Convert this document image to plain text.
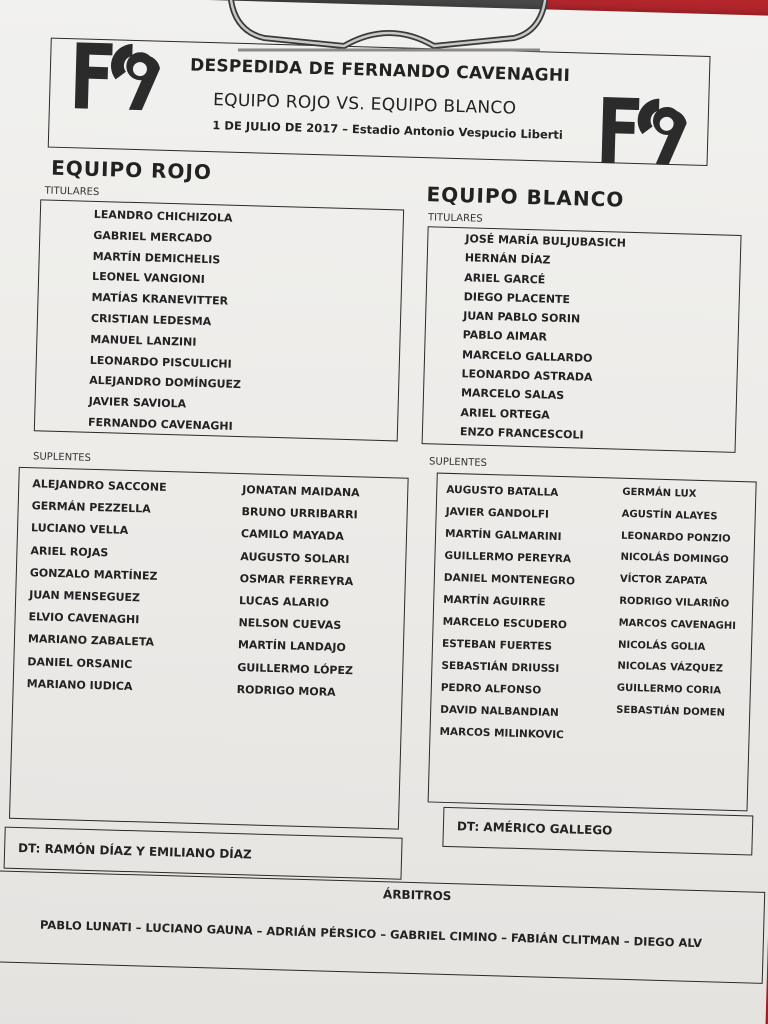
DESPEDIDA DE FERNANDO CAVENAGHI
EQUIPO ROJO VS. EQUIPO BLANCO
1 DE JULIO DE 2017 – Estadio Antonio Vespucio Liberti
EQUIPO ROJO
TITULARES
LEANDRO CHICHIZOLA
GABRIEL MERCADO
MARTÍN DEMICHELIS
LEONEL VANGIONI
MATÍAS KRANEVITTER
CRISTIAN LEDESMA
MANUEL LANZINI
LEONARDO PISCULICHI
ALEJANDRO DOMÍNGUEZ
JAVIER SAVIOLA
FERNANDO CAVENAGHI
SUPLENTES
ALEJANDRO SACCONE
GERMÁN PEZZELLA
LUCIANO VELLA
ARIEL ROJAS
GONZALO MARTÍNEZ
JUAN MENSEGUEZ
ELVIO CAVENAGHI
MARIANO ZABALETA
DANIEL ORSANIC
MARIANO IUDICA
JONATAN MAIDANA
BRUNO URRIBARRI
CAMILO MAYADA
AUGUSTO SOLARI
OSMAR FERREYRA
LUCAS ALARIO
NELSON CUEVAS
MARTÍN LANDAJO
GUILLERMO LÓPEZ
RODRIGO MORA
DT: RAMÓN DÍAZ Y EMILIANO DÍAZ
EQUIPO BLANCO
TITULARES
JOSÉ MARÍA BULJUBASICH
HERNÁN DÍAZ
ARIEL GARCÉ
DIEGO PLACENTE
JUAN PABLO SORIN
PABLO AIMAR
MARCELO GALLARDO
LEONARDO ASTRADA
MARCELO SALAS
ARIEL ORTEGA
ENZO FRANCESCOLI
SUPLENTES
AUGUSTO BATALLA
JAVIER GANDOLFI
MARTÍN GALMARINI
GUILLERMO PEREYRA
DANIEL MONTENEGRO
MARTÍN AGUIRRE
MARCELO ESCUDERO
ESTEBAN FUERTES
SEBASTIÁN DRIUSSI
PEDRO ALFONSO
DAVID NALBANDIAN
MARCOS MILINKOVIC
GERMÁN LUX
AGUSTÍN ALAYES
LEONARDO PONZIO
NICOLÁS DOMINGO
VÍCTOR ZAPATA
RODRIGO VILARIÑO
MARCOS CAVENAGHI
NICOLÁS GOLIA
NICOLAS VÁZQUEZ
GUILLERMO CORIA
SEBASTIÁN DOMEN
DT: AMÉRICO GALLEGO
ÁRBITROS
PABLO LUNATI – LUCIANO GAUNA – ADRIÁN PÉRSICO – GABRIEL CIMINO – FABIÁN CLITMAN – DIEGO ALV
